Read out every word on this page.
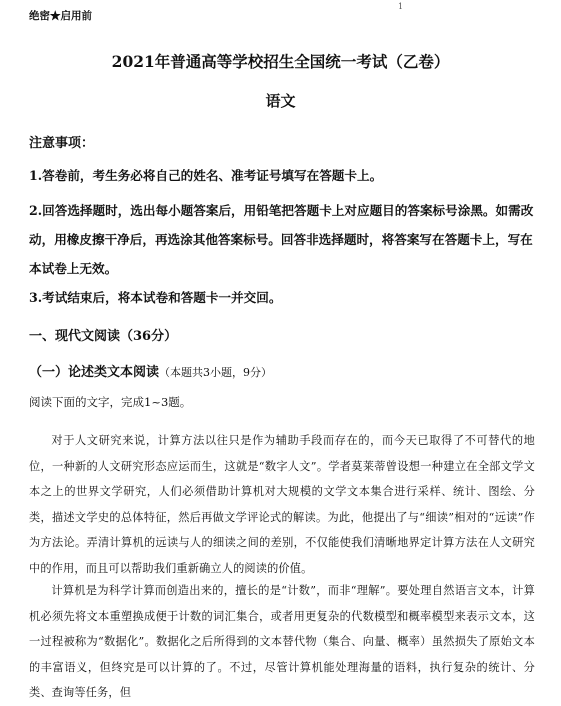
1
绝密★启用前
2021年普通高等学校招生全国统一考试（乙卷）
语文
注意事项：
1.答卷前，考生务必将自己的姓名、准考证号填写在答题卡上。
2.回答选择题时，选出每小题答案后，用铅笔把答题卡上对应题目的答案标号涂黑。如需改动，用橡皮擦干净后，再选涂其他答案标号。回答非选择题时，将答案写在答题卡上，写在本试卷上无效。
3.考试结束后，将本试卷和答题卡一并交回。
一、现代文阅读（36分）
（一）论述类文本阅读（本题共3小题，9分）
阅读下面的文字，完成1~3题。
对于人文研究来说，计算方法以往只是作为辅助手段而存在的，而今天已取得了不可替代的地位，一种新的人文研究形态应运而生，这就是“数字人文”。学者莫莱蒂曾设想一种建立在全部文学文本之上的世界文学研究，人们必须借助计算机对大规模的文学文本集合进行采样、统计、图绘、分类，描述文学史的总体特征，然后再做文学评论式的解读。为此，他提出了与“细读”相对的“远读”作为方法论。弄清计算机的远读与人的细读之间的差别，不仅能使我们清晰地界定计算方法在人文研究中的作用，而且可以帮助我们重新确立人的阅读的价值。
计算机是为科学计算而创造出来的，擅长的是“计数”，而非“理解”。要处理自然语言文本，计算机必须先将文本重塑换成便于计数的词汇集合，或者用更复杂的代数模型和概率模型来表示文本，这一过程被称为“数据化”。数据化之后所得到的文本替代物（集合、向量、概率）虽然损失了原始文本的丰富语义，但终究是可以计算的了。不过，尽管计算机能处理海量的语料，执行复杂的统计、分类、查询等任务，但
